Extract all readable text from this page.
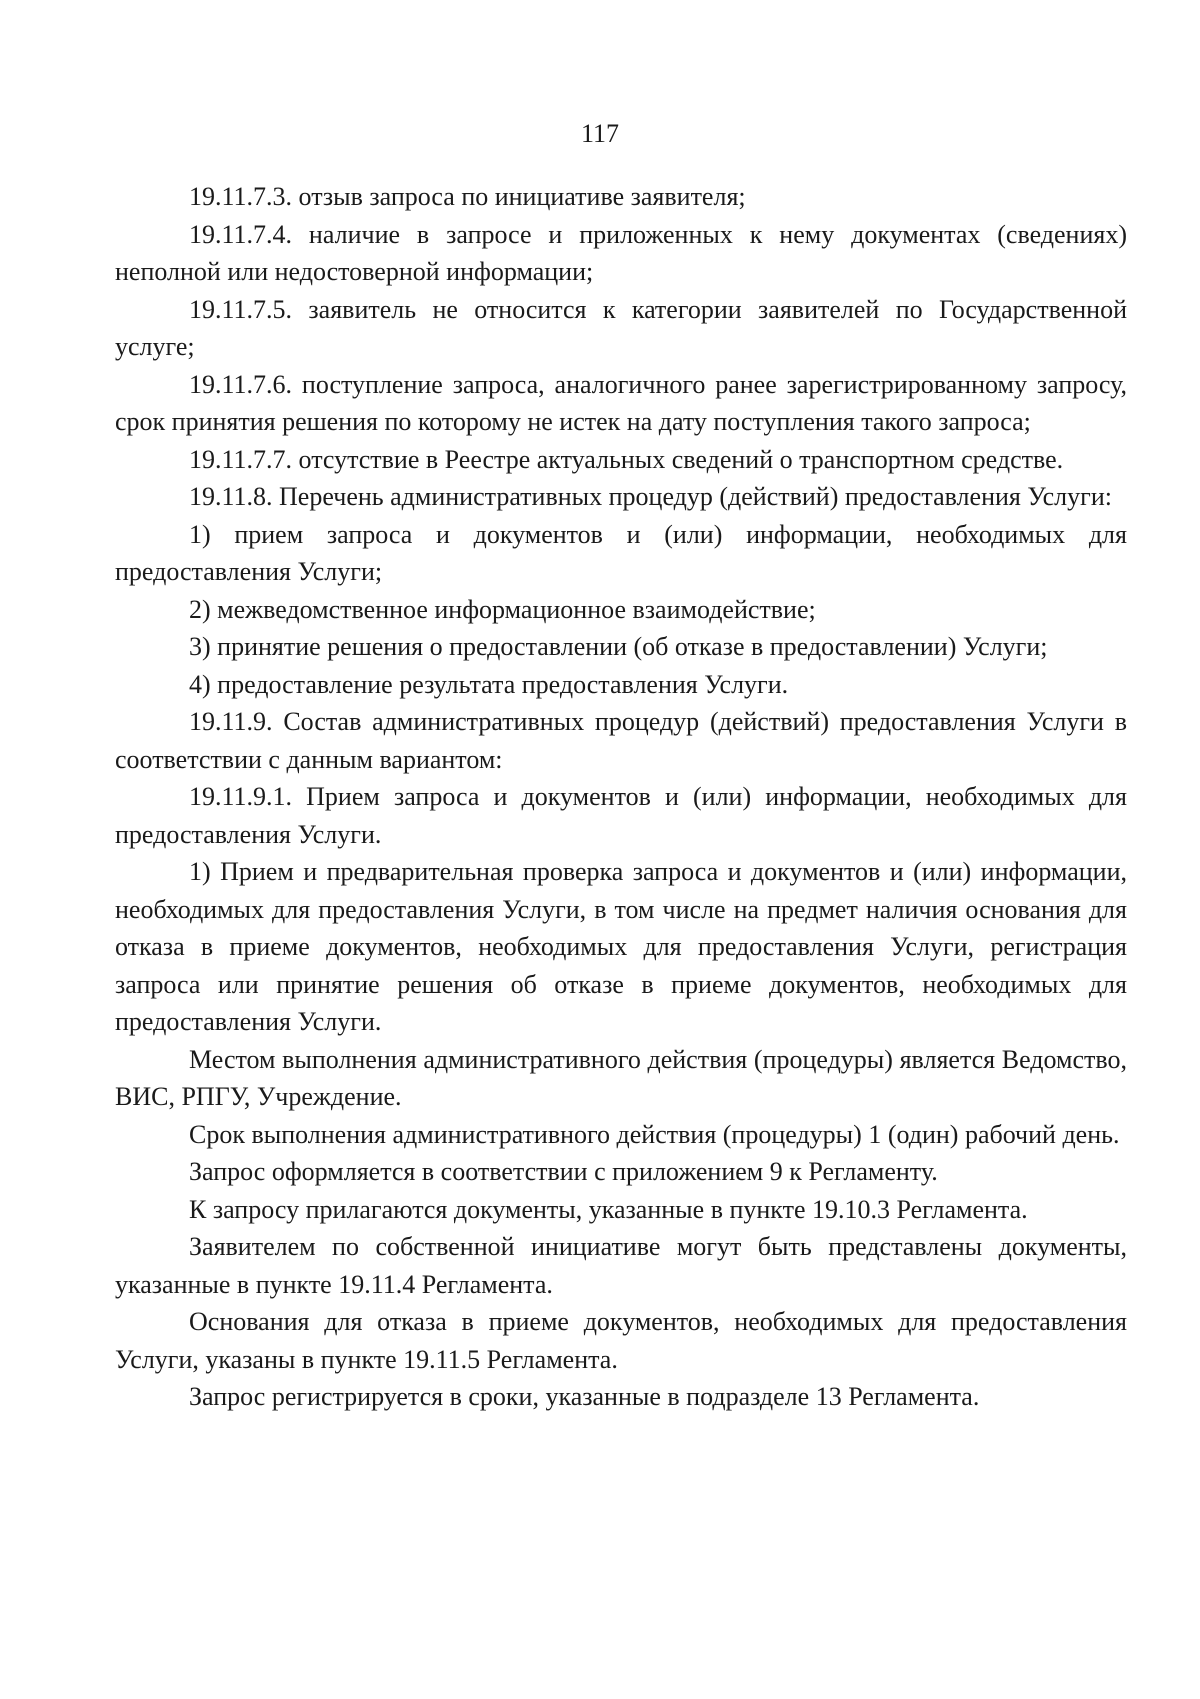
117

19.11.7.3. отзыв запроса по инициативе заявителя;

19.11.7.4. наличие в запросе и приложенных к нему документах (сведениях) неполной или недостоверной информации;

19.11.7.5. заявитель не относится к категории заявителей по Государственной услуге;

19.11.7.6. поступление запроса, аналогичного ранее зарегистрированному запросу, срок принятия решения по которому не истек на дату поступления такого запроса;

19.11.7.7. отсутствие в Реестре актуальных сведений о транспортном средстве.

19.11.8. Перечень административных процедур (действий) предоставления Услуги:

1) прием запроса и документов и (или) информации, необходимых для предоставления Услуги;

2) межведомственное информационное взаимодействие;

3) принятие решения о предоставлении (об отказе в предоставлении) Услуги;

4) предоставление результата предоставления Услуги.

19.11.9. Состав административных процедур (действий) предоставления Услуги в соответствии с данным вариантом:

19.11.9.1. Прием запроса и документов и (или) информации, необходимых для предоставления Услуги.

1) Прием и предварительная проверка запроса и документов и (или) информации, необходимых для предоставления Услуги, в том числе на предмет наличия основания для отказа в приеме документов, необходимых для предоставления Услуги, регистрация запроса или принятие решения об отказе в приеме документов, необходимых для предоставления Услуги.

Местом выполнения административного действия (процедуры) является Ведомство, ВИС, РПГУ, Учреждение.

Срок выполнения административного действия (процедуры) 1 (один) рабочий день.

Запрос оформляется в соответствии с приложением 9 к Регламенту.

К запросу прилагаются документы, указанные в пункте 19.10.3 Регламента.

Заявителем по собственной инициативе могут быть представлены документы, указанные в пункте 19.11.4 Регламента.

Основания для отказа в приеме документов, необходимых для предоставления Услуги, указаны в пункте 19.11.5 Регламента.

Запрос регистрируется в сроки, указанные в подразделе 13 Регламента.
